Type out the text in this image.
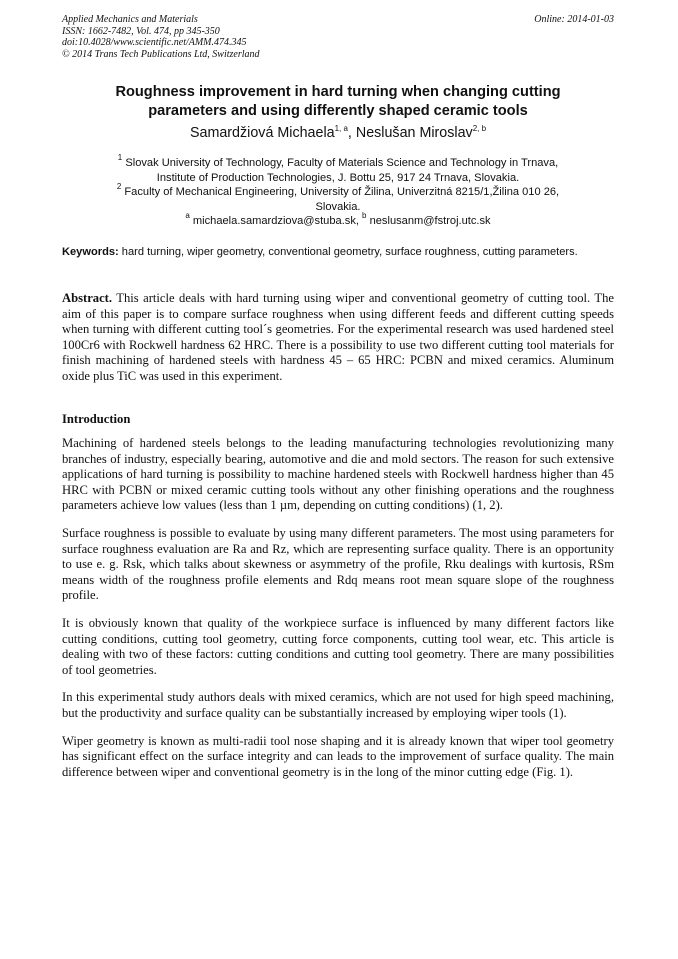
Applied Mechanics and Materials
ISSN: 1662-7482, Vol. 474, pp 345-350
doi:10.4028/www.scientific.net/AMM.474.345
© 2014 Trans Tech Publications Ltd, Switzerland
Online: 2014-01-03
Roughness improvement in hard turning when changing cutting
parameters and using differently shaped ceramic tools
Samardžiová Michaela$^{1, a}$, Neslušan Miroslav$^{2, b}$

$^1$ Slovak University of Technology, Faculty of Materials Science and Technology in Trnava,

Institute of Production Technologies, J. Bottu 25, 917 24 Trnava, Slovakia.

$^2$ Faculty of Mechanical Engineering, University of Žilina, Univerzitná 8215/1,Žilina 010 26,

Slovakia.

$^a$ michaela.samardziova@stuba.sk, $^b$ neslusanm@fstroj.utc.sk

Keywords: hard turning, wiper geometry, conventional geometry, surface roughness, cutting parameters.
Abstract. This article deals with hard turning using wiper and conventional geometry of cutting tool. The aim of this paper is to compare surface roughness when using different feeds and different cutting speeds when turning with different cutting tool´s geometries. For the experimental research was used hardened steel 100Cr6 with Rockwell hardness 62 HRC. There is a possibility to use two different cutting tool materials for finish machining of hardened steels with hardness 45 – 65 HRC: PCBN and mixed ceramics. Aluminum oxide plus TiC was used in this experiment.
Introduction

Machining of hardened steels belongs to the leading manufacturing technologies revolutionizing many branches of industry, especially bearing, automotive and die and mold sectors. The reason for such extensive applications of hard turning is possibility to machine hardened steels with Rockwell hardness higher than 45 HRC with PCBN or mixed ceramic cutting tools without any other finishing operations and the roughness parameters achieve low values (less than 1 µm, depending on cutting conditions) (1, 2).

Surface roughness is possible to evaluate by using many different parameters. The most using parameters for surface roughness evaluation are Ra and Rz, which are representing surface quality. There is an opportunity to use e. g. Rsk, which talks about skewness or asymmetry of the profile, Rku dealings with kurtosis, RSm means width of the roughness profile elements and Rdq means root mean square slope of the roughness profile.

It is obviously known that quality of the workpiece surface is influenced by many different factors like cutting conditions, cutting tool geometry, cutting force components, cutting tool wear, etc. This article is dealing with two of these factors: cutting conditions and cutting tool geometry. There are many possibilities of tool geometries.

In this experimental study authors deals with mixed ceramics, which are not used for high speed machining, but the productivity and surface quality can be substantially increased by employing wiper tools (1).

Wiper geometry is known as multi-radii tool nose shaping and it is already known that wiper tool geometry has significant effect on the surface integrity and can leads to the improvement of surface quality. The main difference between wiper and conventional geometry is in the long of the minor cutting edge (Fig. 1).
